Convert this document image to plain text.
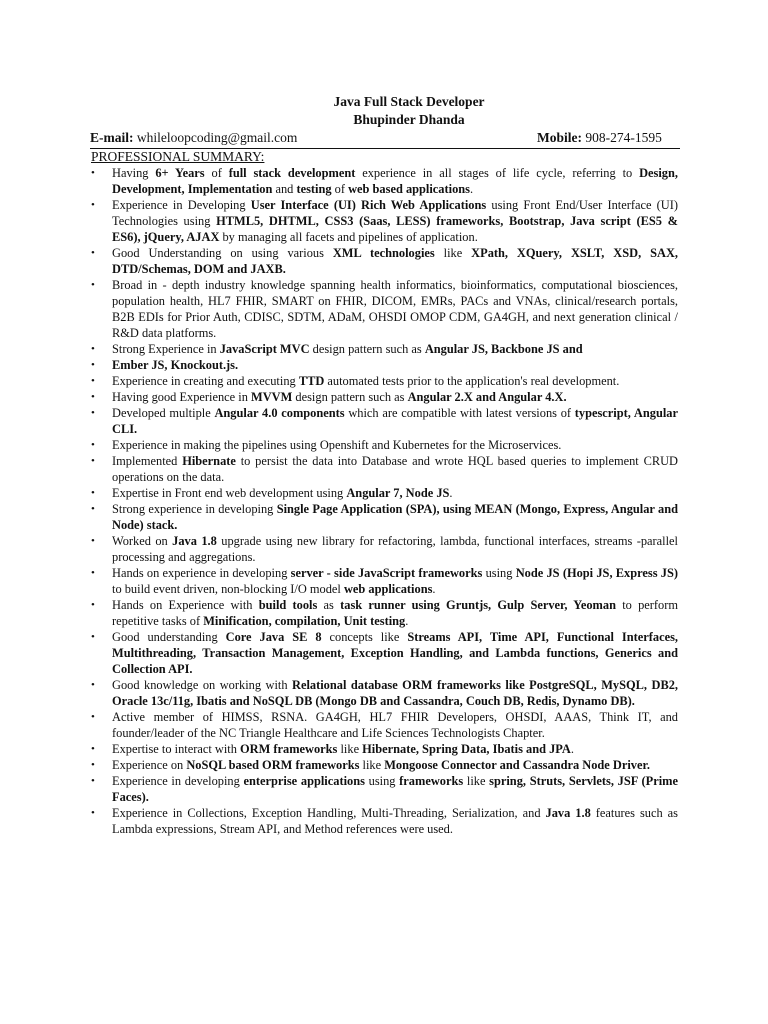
Java Full Stack Developer
Bhupinder Dhanda
E-mail: whileloopcoding@gmail.com	Mobile: 908-274-1595
PROFESSIONAL SUMMARY:
• Having 6+ Years of full stack development experience in all stages of life cycle, referring to Design, Development, Implementation and testing of web based applications.
• Experience in Developing User Interface (UI) Rich Web Applications using Front End/User Interface (UI) Technologies using HTML5, DHTML, CSS3 (Saas, LESS) frameworks, Bootstrap, Java script (ES5 & ES6), jQuery, AJAX by managing all facets and pipelines of application.
• Good Understanding on using various XML technologies like XPath, XQuery, XSLT, XSD, SAX, DTD/Schemas, DOM and JAXB.
• Broad in - depth industry knowledge spanning health informatics, bioinformatics, computational biosciences, population health, HL7 FHIR, SMART on FHIR, DICOM, EMRs, PACs and VNAs, clinical/research portals, B2B EDIs for Prior Auth, CDISC, SDTM, ADaM, OHSDI OMOP CDM, GA4GH, and next generation clinical / R&D data platforms.
• Strong Experience in JavaScript MVC design pattern such as Angular JS, Backbone JS and
• Ember JS, Knockout.js.
• Experience in creating and executing TTD automated tests prior to the application's real development.
• Having good Experience in MVVM design pattern such as Angular 2.X and Angular 4.X.
• Developed multiple Angular 4.0 components which are compatible with latest versions of typescript, Angular CLI.
• Experience in making the pipelines using Openshift and Kubernetes for the Microservices.
• Implemented Hibernate to persist the data into Database and wrote HQL based queries to implement CRUD operations on the data.
• Expertise in Front end web development using Angular 7, Node JS.
• Strong experience in developing Single Page Application (SPA), using MEAN (Mongo, Express, Angular and Node) stack.
• Worked on Java 1.8 upgrade using new library for refactoring, lambda, functional interfaces, streams -parallel processing and aggregations.
• Hands on experience in developing server - side JavaScript frameworks using Node JS (Hopi JS, Express JS) to build event driven, non-blocking I/O model web applications.
• Hands on Experience with build tools as task runner using Gruntjs, Gulp Server, Yeoman to perform repetitive tasks of Minification, compilation, Unit testing.
• Good understanding Core Java SE 8 concepts like Streams API, Time API, Functional Interfaces, Multithreading, Transaction Management, Exception Handling, and Lambda functions, Generics and Collection API.
• Good knowledge on working with Relational database ORM frameworks like PostgreSQL, MySQL, DB2, Oracle 13c/11g, Ibatis and NoSQL DB (Mongo DB and Cassandra, Couch DB, Redis, Dynamo DB).
• Active member of HIMSS, RSNA. GA4GH, HL7 FHIR Developers, OHSDI, AAAS, Think IT, and founder/leader of the NC Triangle Healthcare and Life Sciences Technologists Chapter.
• Expertise to interact with ORM frameworks like Hibernate, Spring Data, Ibatis and JPA.
• Experience on NoSQL based ORM frameworks like Mongoose Connector and Cassandra Node Driver.
• Experience in developing enterprise applications using frameworks like spring, Struts, Servlets, JSF (Prime Faces).
• Experience in Collections, Exception Handling, Multi-Threading, Serialization, and Java 1.8 features such as Lambda expressions, Stream API, and Method references were used.
